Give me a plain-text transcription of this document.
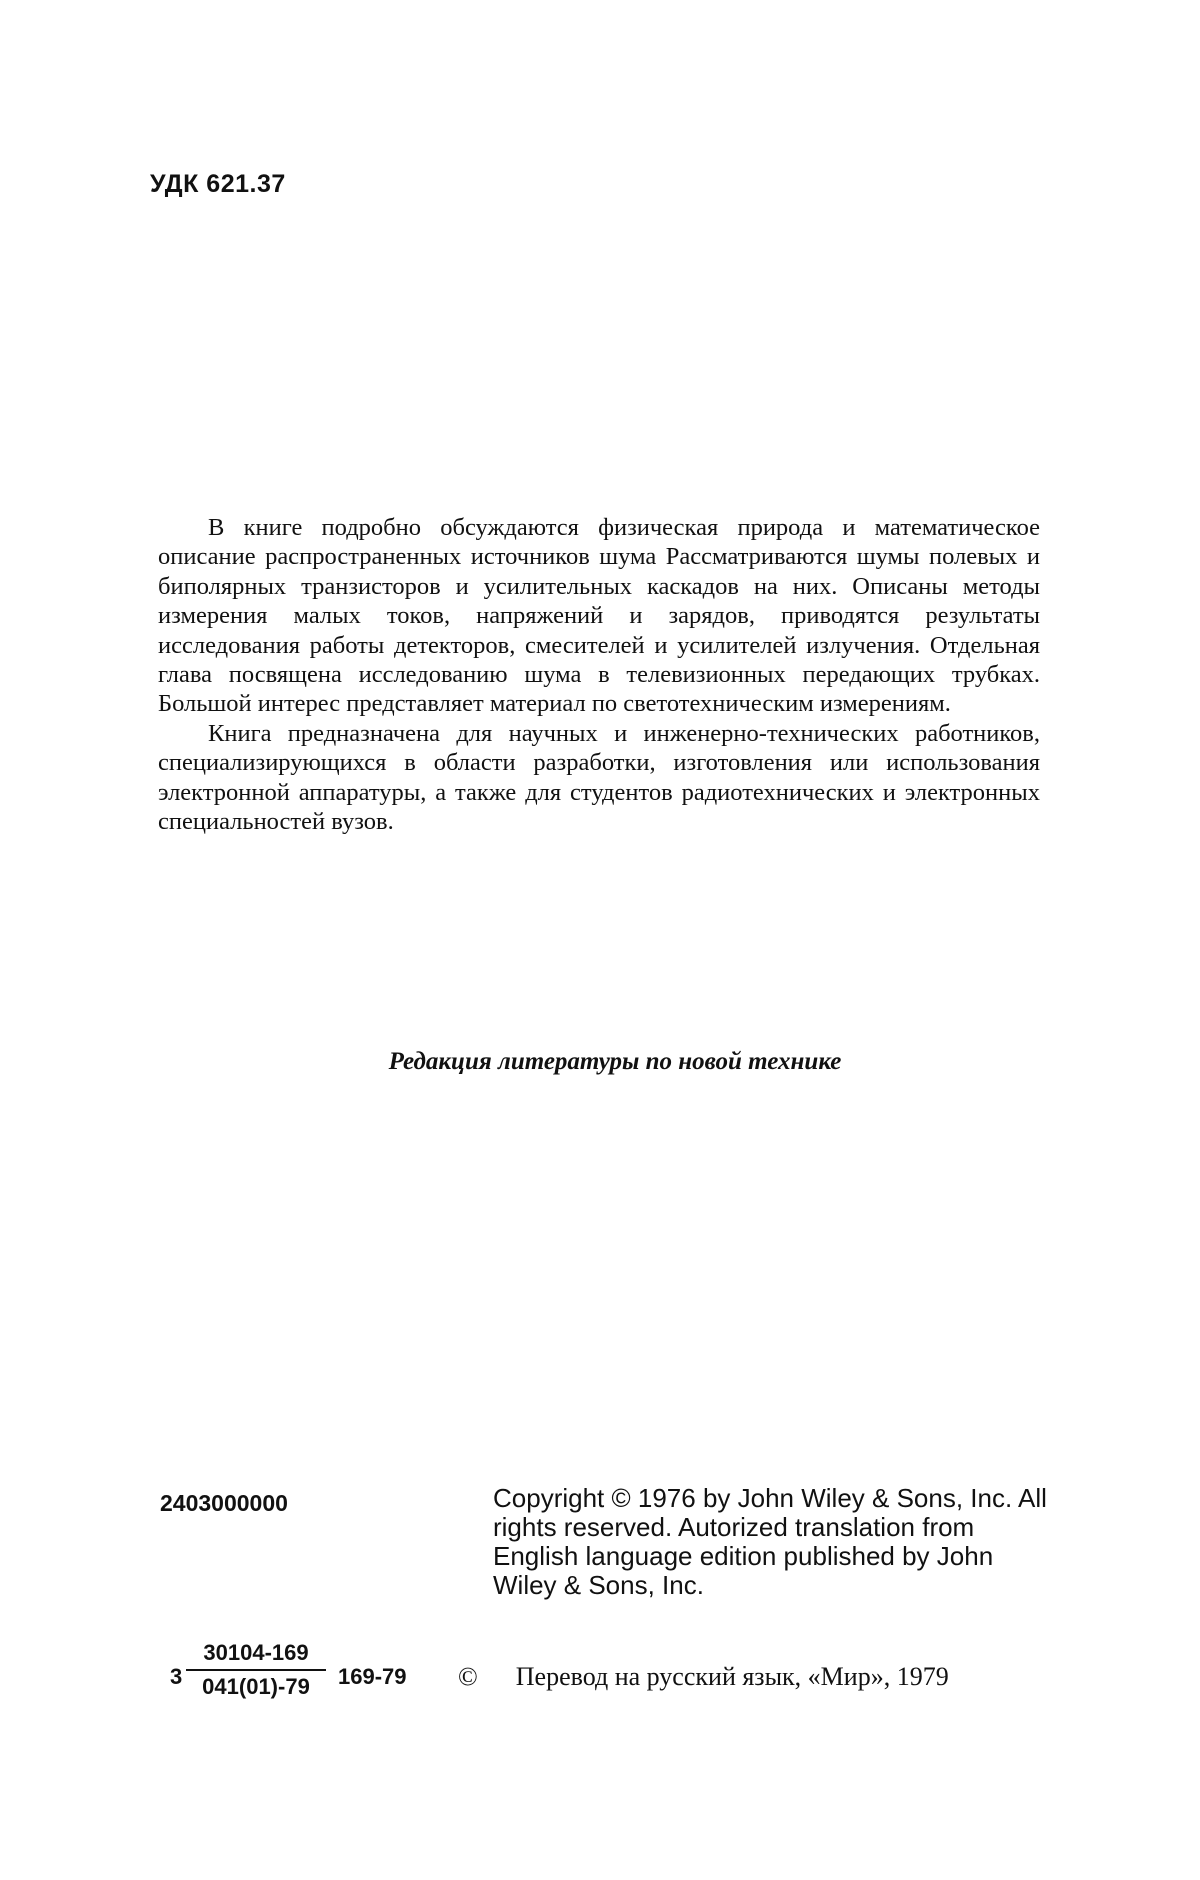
УДК 621.37

В книге подробно обсуждаются физическая природа и математическое описание распространенных источников шума Рассматриваются шумы полевых и биполярных транзисторов и усилительных каскадов на них. Описаны методы измерения малых токов, напряжений и зарядов, приводятся результаты исследования работы детекторов, смесителей и усилителей излучения. Отдельная глава посвящена исследованию шума в телевизионных передающих трубках. Большой интерес представляет материал по светотехническим измерениям.

Книга предназначена для научных и инженерно-технических работников, специализирующихся в области разработки, изготовления или использования электронной аппаратуры, а также для студентов радиотехнических и электронных специальностей вузов.

Редакция литературы по новой технике
2403000000	Copyright © 1976 by John Wiley & Sons, Inc. All rights reserved. Autorized translation from English language edition published by John Wiley & Sons, Inc.
$3 \frac{30104-169}{041(01)-79} 169-79$ © Перевод на русский язык, «Мир», 1979
